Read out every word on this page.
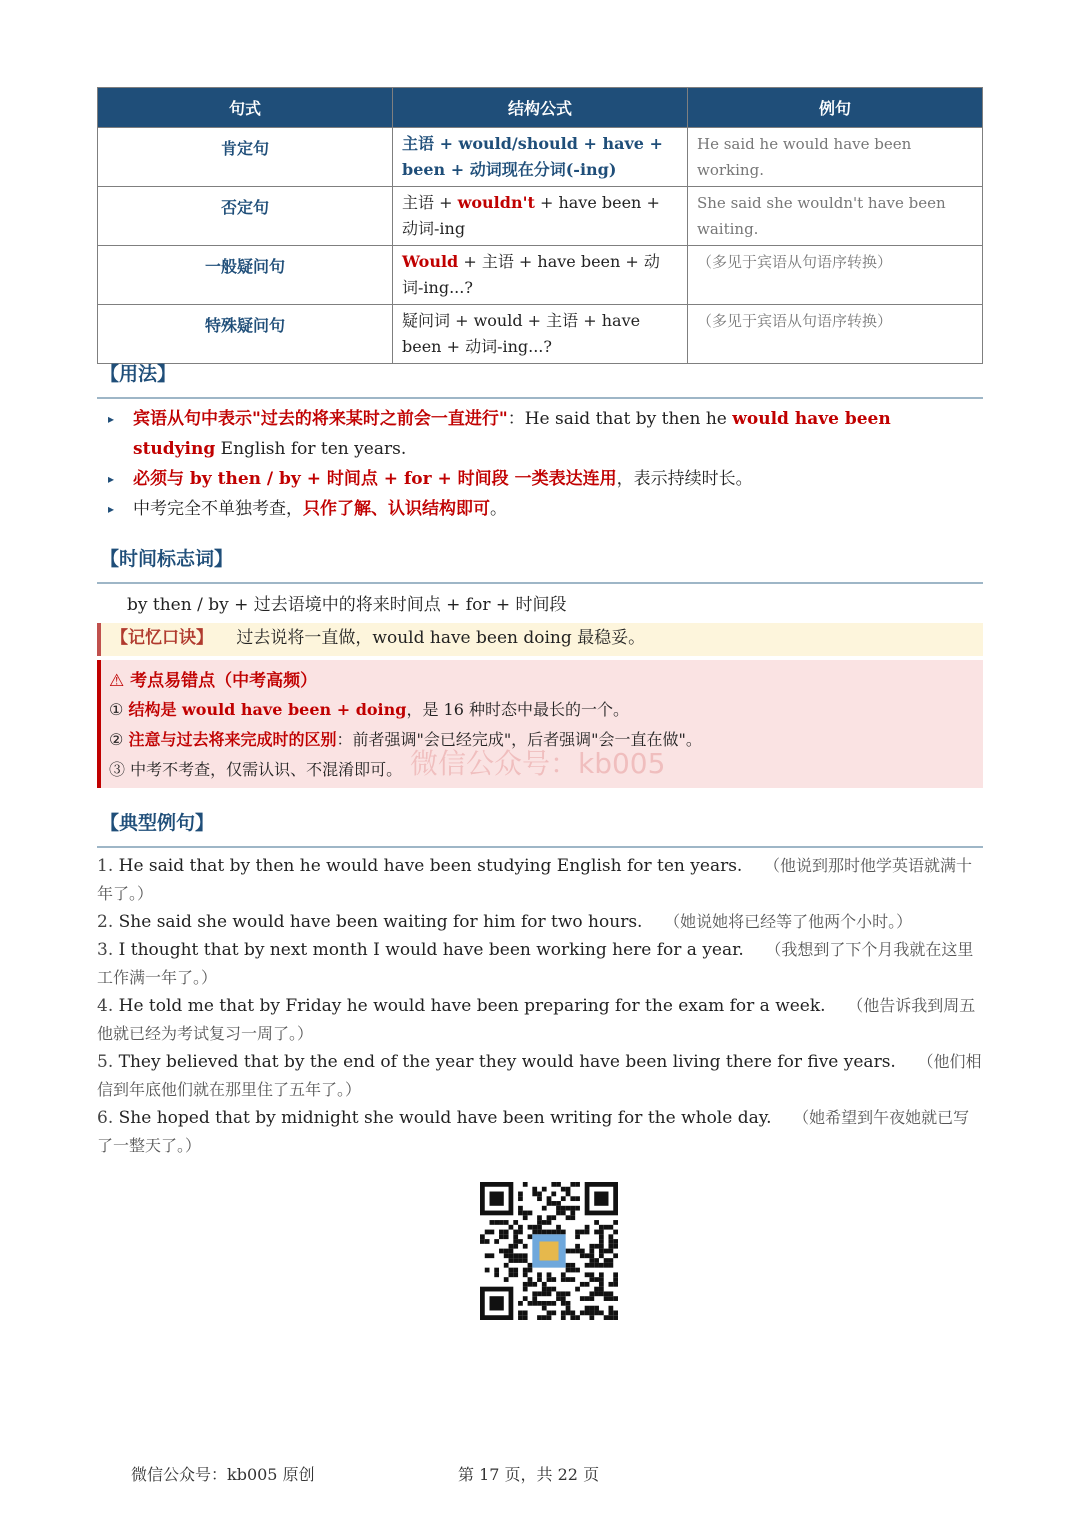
句式	结构公式	例句
肯定句	主语 + would/should + have + been + 动词现在分词(-ing)	He said he would have been working.
否定句	主语 + wouldn't + have been + 动词-ing	She said she wouldn't have been waiting.
一般疑问句	Would + 主语 + have been + 动词-ing...?	（多见于宾语从句语序转换）
特殊疑问句	疑问词 + would + 主语 + have been + 动词-ing...?	（多见于宾语从句语序转换）
【用法】
▸ 宾语从句中表示"过去的将来某时之前会一直进行"：He said that by then he would have been studying English for ten years.
▸ 必须与 by then / by + 时间点 + for + 时间段 一类表达连用，表示持续时长。
▸ 中考完全不单独考查，只作了解、认识结构即可。
【时间标志词】
by then / by + 过去语境中的将来时间点 + for + 时间段
【记忆口诀】 过去说将一直做，would have been doing 最稳妥。
⚠ 考点易错点（中考高频）
① 结构是 would have been + doing，是 16 种时态中最长的一个。
② 注意与过去将来完成时的区别：前者强调"会已经完成"，后者强调"会一直在做"。
③ 中考不考查，仅需认识、不混淆即可。 微信公众号：kb005
【典型例句】
1. He said that by then he would have been studying English for ten years. （他说到那时他学英语就满十年了。）
2. She said she would have been waiting for him for two hours. （她说她将已经等了他两个小时。）
3. I thought that by next month I would have been working here for a year. （我想到了下个月我就在这里工作满一年了。）
4. He told me that by Friday he would have been preparing for the exam for a week. （他告诉我到周五他就已经为考试复习一周了。）
5. They believed that by the end of the year they would have been living there for five years. （他们相信到年底他们就在那里住了五年了。）
6. She hoped that by midnight she would have been writing for the whole day. （她希望到午夜她就已写了一整天了。）
微信公众号：kb005 原创	第 17 页，共 22 页
